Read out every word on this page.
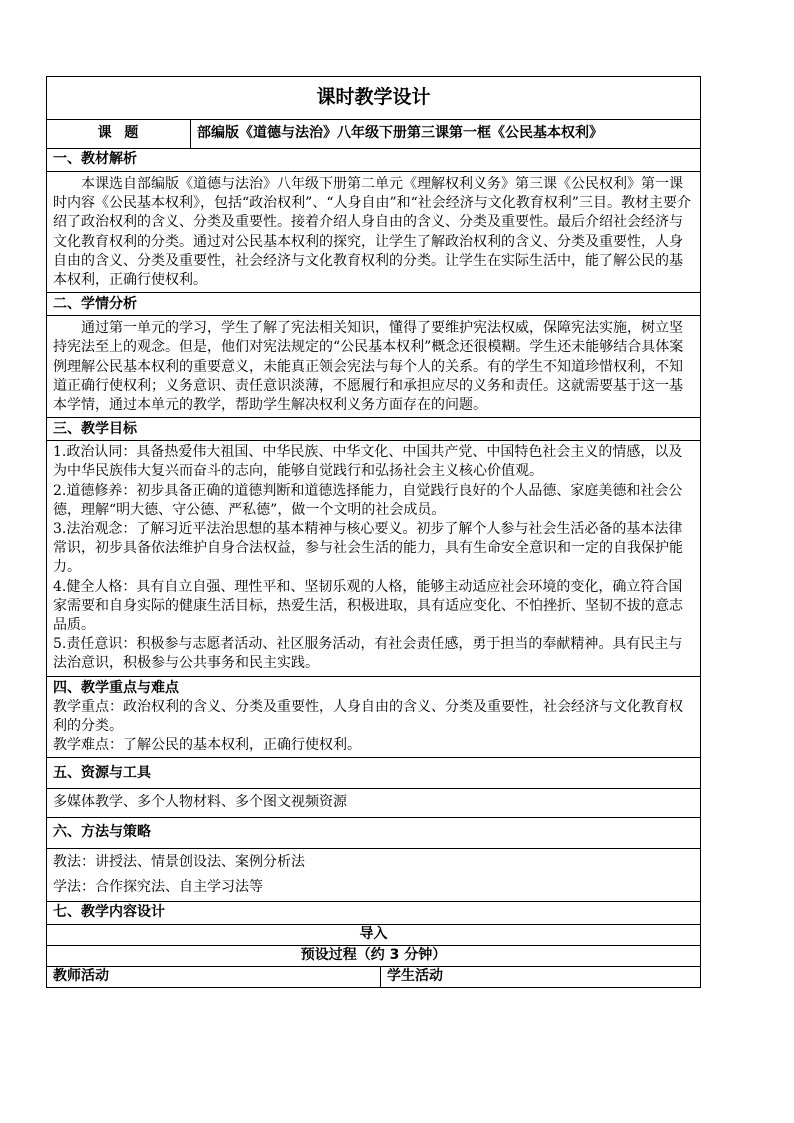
课时教学设计		
课  题	部编版《道德与法治》八年级下册第三课第一框《公民基本权利》	
一、教材解析		
本课选自部编版《道德与法治》八年级下册第二单元《理解权利义务》第三课《公民权利》第一课时内容《公民基本权利》，包括“政治权利”、“人身自由”和“社会经济与文化教育权利”三目。教材主要介绍了政治权利的含义、分类及重要性。接着介绍人身自由的含义、分类及重要性。最后介绍社会经济与文化教育权利的分类。通过对公民基本权利的探究，让学生了解政治权利的含义、分类及重要性，人身自由的含义、分类及重要性，社会经济与文化教育权利的分类。让学生在实际生活中，能了解公民的基本权利，正确行使权利。		
二、学情分析		
通过第一单元的学习，学生了解了宪法相关知识，懂得了要维护宪法权威，保障宪法实施，树立坚持宪法至上的观念。但是，他们对宪法规定的“公民基本权利”概念还很模糊。学生还未能够结合具体案例理解公民基本权利的重要意义，未能真正领会宪法与每个人的关系。有的学生不知道珍惜权利，不知道正确行使权利；义务意识、责任意识淡薄，不愿履行和承担应尽的义务和责任。这就需要基于这一基本学情，通过本单元的教学，帮助学生解决权利义务方面存在的问题。		
三、教学目标		

1.政治认同：具备热爱伟大祖国、中华民族、中华文化、中国共产党、中国特色社会主义的情感，以及为中华民族伟大复兴而奋斗的志向，能够自觉践行和弘扬社会主义核心价值观。
2.道德修养：初步具备正确的道德判断和道德选择能力，自觉践行良好的个人品德、家庭美德和社会公德，理解“明大德、守公德、严私德”，做一个文明的社会成员。
3.法治观念：了解习近平法治思想的基本精神与核心要义。初步了解个人参与社会生活必备的基本法律常识，初步具备依法维护自身合法权益，参与社会生活的能力，具有生命安全意识和一定的自我保护能力。
4.健全人格：具有自立自强、理性平和、坚韧乐观的人格，能够主动适应社会环境的变化，确立符合国家需要和自身实际的健康生活目标，热爱生活，积极进取，具有适应变化、不怕挫折、坚韧不拔的意志品质。
5.责任意识：积极参与志愿者活动、社区服务活动，有社会责任感，勇于担当的奉献精神。具有民主与法治意识，积极参与公共事务和民主实践。		

四、教学重点与难点
教学重点：政治权利的含义、分类及重要性，人身自由的含义、分类及重要性，社会经济与文化教育权利的分类。
教学难点：了解公民的基本权利，正确行使权利。		

五、资源与工具		
多媒体教学、多个人物材料、多个图文视频资源		
六、方法与策略		

教法：讲授法、情景创设法、案例分析法
学法：合作探究法、自主学习法等		

七、教学内容设计		
导入		
预设过程（约 3 分钟）		
教师活动		学生活动
